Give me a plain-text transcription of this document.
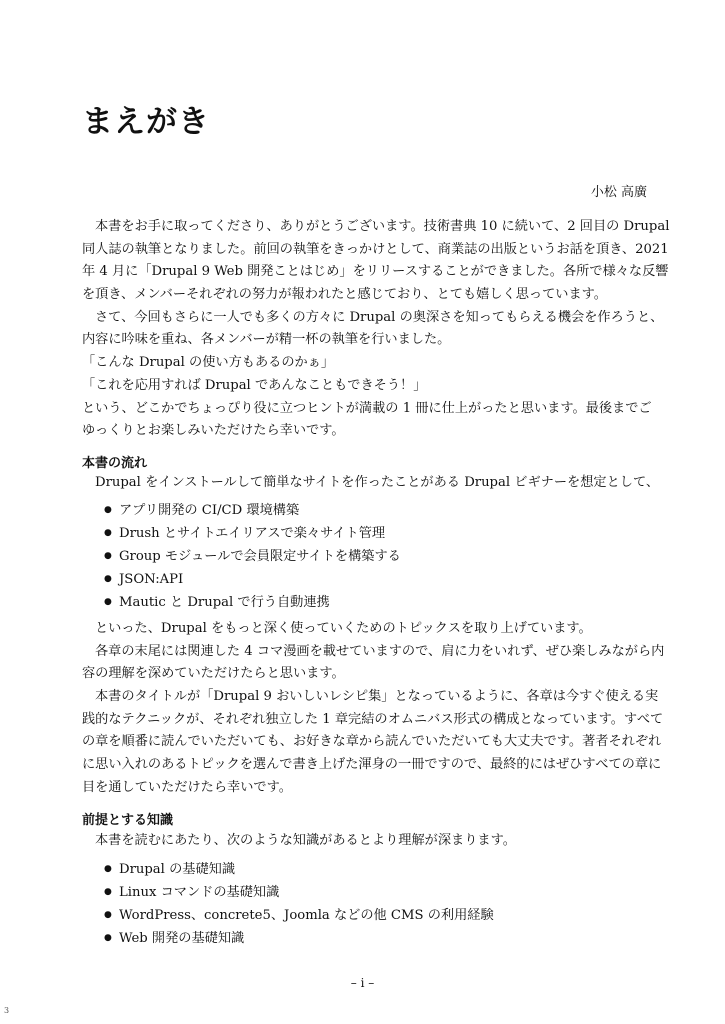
まえがき
小松 高廣
本書をお手に取ってくださり、ありがとうございます。技術書典 10 に続いて、2 回目の Drupal
同人誌の執筆となりました。前回の執筆をきっかけとして、商業誌の出版というお話を頂き、2021
年 4 月に「Drupal 9 Web 開発ことはじめ」をリリースすることができました。各所で様々な反響
を頂き、メンバーそれぞれの努力が報われたと感じており、とても嬉しく思っています。
さて、今回もさらに一人でも多くの方々に Drupal の奥深さを知ってもらえる機会を作ろうと、
内容に吟味を重ね、各メンバーが精一杯の執筆を行いました。
「こんな Drupal の使い方もあるのかぁ」
「これを応用すれば Drupal であんなこともできそう！」
という、どこかでちょっぴり役に立つヒントが満載の 1 冊に仕上がったと思います。最後までご
ゆっくりとお楽しみいただけたら幸いです。
本書の流れ
Drupal をインストールして簡単なサイトを作ったことがある Drupal ビギナーを想定として、
● アプリ開発の CI/CD 環境構築
● Drush とサイトエイリアスで楽々サイト管理
● Group モジュールで会員限定サイトを構築する
● JSON:API
● Mautic と Drupal で行う自動連携
といった、Drupal をもっと深く使っていくためのトピックスを取り上げています。
各章の末尾には関連した 4 コマ漫画を載せていますので、肩に力をいれず、ぜひ楽しみながら内
容の理解を深めていただけたらと思います。
本書のタイトルが「Drupal 9 おいしいレシピ集」となっているように、各章は今すぐ使える実
践的なテクニックが、それぞれ独立した 1 章完結のオムニバス形式の構成となっています。すべて
の章を順番に読んでいただいても、お好きな章から読んでいただいても大丈夫です。著者それぞれ
に思い入れのあるトピックを選んで書き上げた渾身の一冊ですので、最終的にはぜひすべての章に
目を通していただけたら幸いです。
前提とする知識
本書を読むにあたり、次のような知識があるとより理解が深まります。
● Drupal の基礎知識
● Linux コマンドの基礎知識
● WordPress、concrete5、Joomla などの他 CMS の利用経験
● Web 開発の基礎知識
– i –
3
